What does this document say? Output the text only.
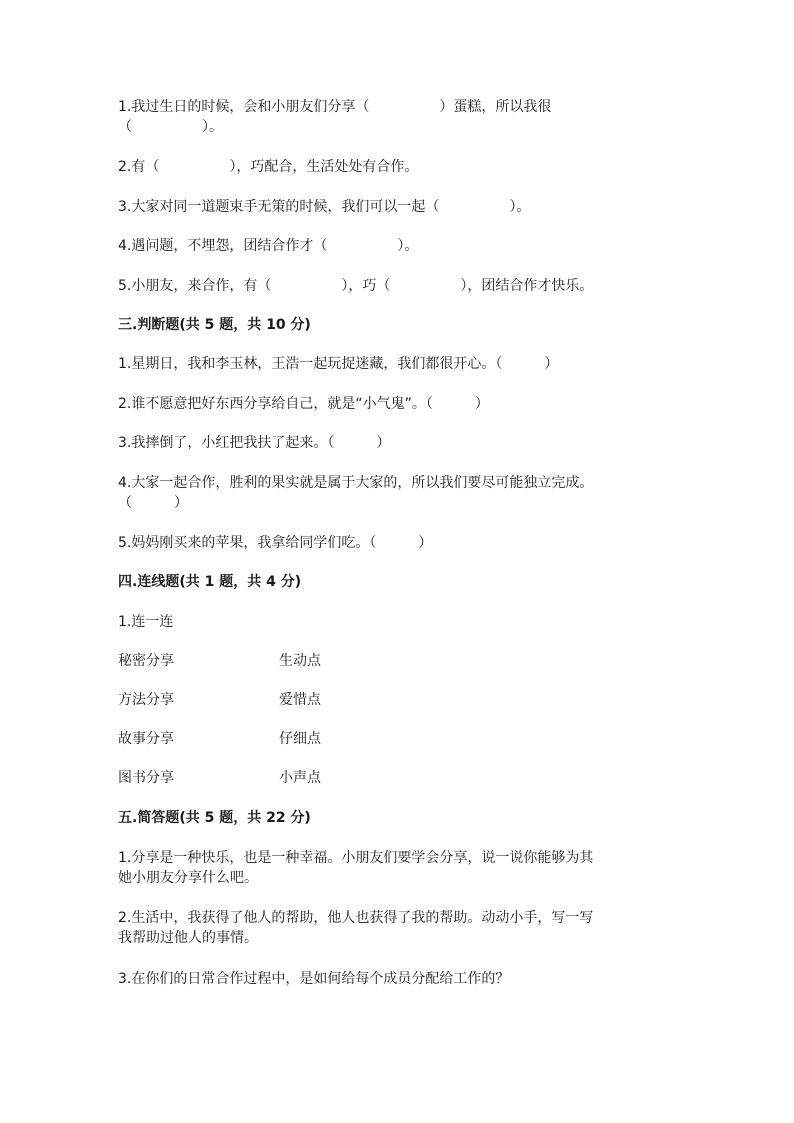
1.我过生日的时候，会和小朋友们分享（　　　　　）蛋糕，所以我很
（　　　　　）。
2.有（　　　　　），巧配合，生活处处有合作。
3.大家对同一道题束手无策的时候，我们可以一起（　　　　　）。
4.遇问题，不埋怨，团结合作才（　　　　　）。
5.小朋友，来合作，有（　　　　　），巧（　　　　　），团结合作才快乐。
三.判断题(共 5 题，共 10 分)
1.星期日，我和李玉林，王浩一起玩捉迷藏，我们都很开心。（　　　）
2.谁不愿意把好东西分享给自己，就是“小气鬼”。（　　　）
3.我摔倒了，小红把我扶了起来。（　　　）
4.大家一起合作，胜利的果实就是属于大家的，所以我们要尽可能独立完成。
（　　　）
5.妈妈刚买来的苹果，我拿给同学们吃。（　　　）
四.连线题(共 1 题，共 4 分)
1.连一连
秘密分享	生动点
方法分享	爱惜点
故事分享	仔细点
图书分享	小声点
五.简答题(共 5 题，共 22 分)
1.分享是一种快乐，也是一种幸福。小朋友们要学会分享，说一说你能够为其
她小朋友分享什么吧。
2.生活中，我获得了他人的帮助，他人也获得了我的帮助。动动小手，写一写
我帮助过他人的事情。
3.在你们的日常合作过程中，是如何给每个成员分配给工作的？
